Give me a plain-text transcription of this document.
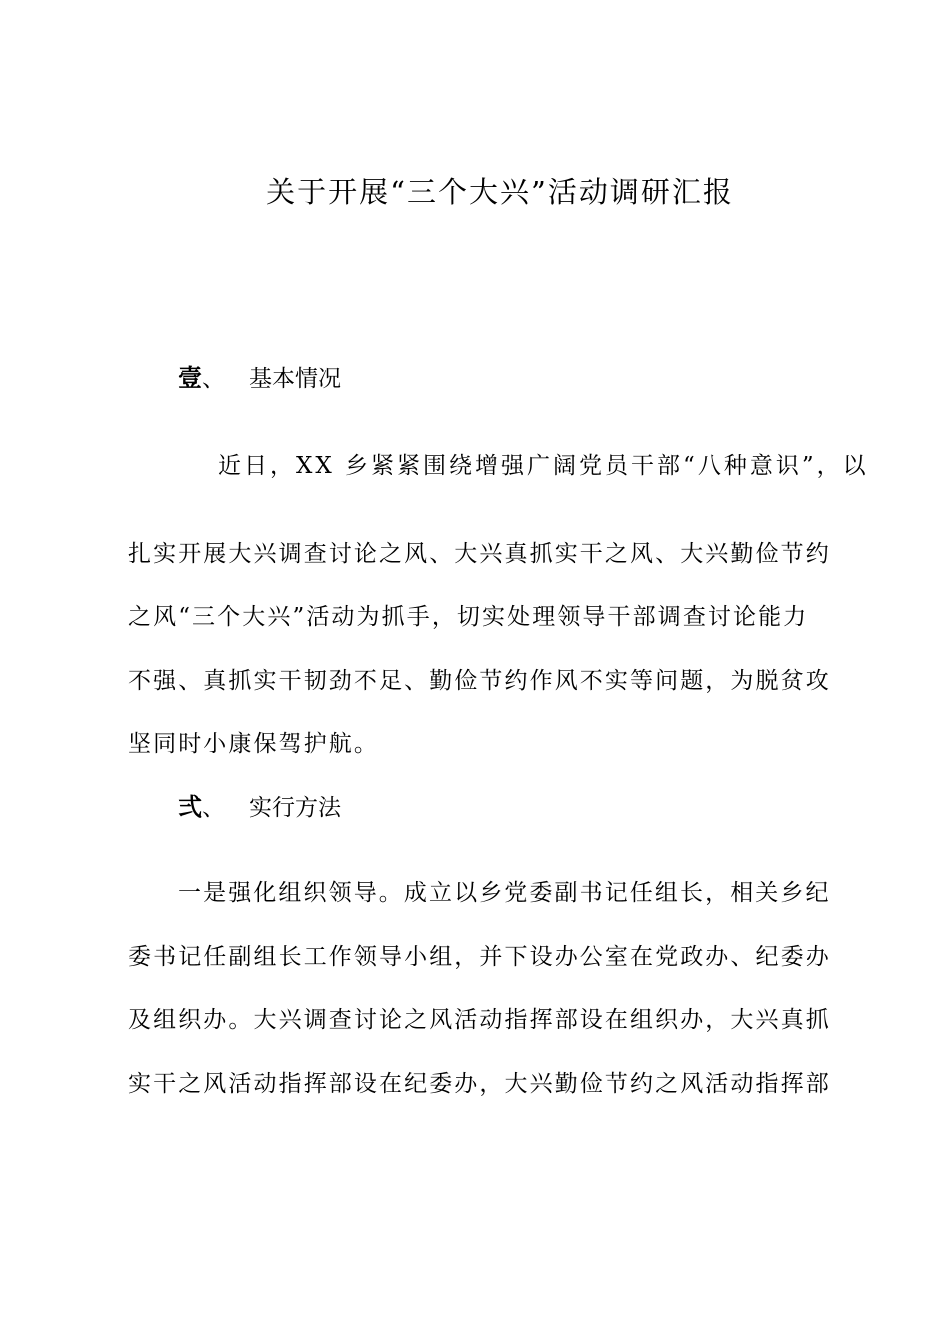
关于开展“三个大兴”活动调研汇报
壹、 基本情况
近日，XX 乡紧紧围绕增强广阔党员干部“八种意识”，以
扎实开展大兴调查讨论之风、大兴真抓实干之风、大兴勤俭节约
之风“三个大兴”活动为抓手，切实处理领导干部调查讨论能力
不强、真抓实干韧劲不足、勤俭节约作风不实等问题，为脱贫攻
坚同时小康保驾护航。
弍、 实行方法
一是强化组织领导。成立以乡党委副书记任组长，相关乡纪
委书记任副组长工作领导小组，并下设办公室在党政办、纪委办
及组织办。大兴调查讨论之风活动指挥部设在组织办，大兴真抓
实干之风活动指挥部设在纪委办，大兴勤俭节约之风活动指挥部
